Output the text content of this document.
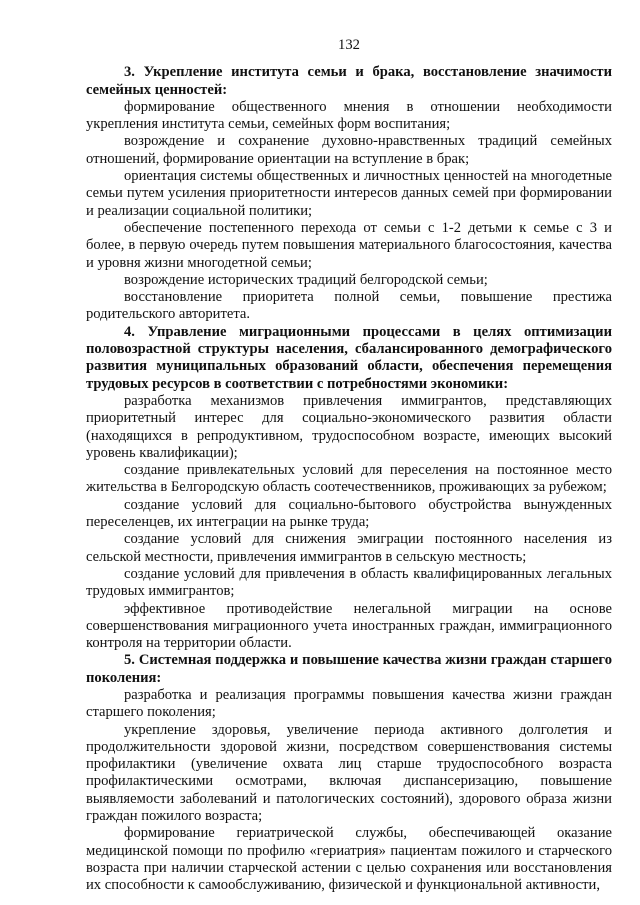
132

3. Укрепление института семьи и брака, восстановление значимости семейных ценностей:

формирование общественного мнения в отношении необходимости укрепления института семьи, семейных форм воспитания;

возрождение и сохранение духовно-нравственных традиций семейных отношений, формирование ориентации на вступление в брак;

ориентация системы общественных и личностных ценностей на многодетные семьи путем усиления приоритетности интересов данных семей при формировании и реализации социальной политики;

обеспечение постепенного перехода от семьи с 1-2 детьми к семье с 3 и более, в первую очередь путем повышения материального благосостояния, качества и уровня жизни многодетной семьи;

возрождение исторических традиций белгородской семьи;

восстановление приоритета полной семьи, повышение престижа родительского авторитета.

4. Управление миграционными процессами в целях оптимизации половозрастной структуры населения, сбалансированного демографического развития муниципальных образований области, обеспечения перемещения трудовых ресурсов в соответствии с потребностями экономики:

разработка механизмов привлечения иммигрантов, представляющих приоритетный интерес для социально-экономического развития области (находящихся в репродуктивном, трудоспособном возрасте, имеющих высокий уровень квалификации);

создание привлекательных условий для переселения на постоянное место жительства в Белгородскую область соотечественников, проживающих за рубежом;

создание условий для социально-бытового обустройства вынужденных переселенцев, их интеграции на рынке труда;

создание условий для снижения эмиграции постоянного населения из сельской местности, привлечения иммигрантов в сельскую местность;

создание условий для привлечения в область квалифицированных легальных трудовых иммигрантов;

эффективное противодействие нелегальной миграции на основе совершенствования миграционного учета иностранных граждан, иммиграционного контроля на территории области.

5. Системная поддержка и повышение качества жизни граждан старшего поколения:

разработка и реализация программы повышения качества жизни граждан старшего поколения;

укрепление здоровья, увеличение периода активного долголетия и продолжительности здоровой жизни, посредством совершенствования системы профилактики (увеличение охвата лиц старше трудоспособного возраста профилактическими осмотрами, включая диспансеризацию, повышение выявляемости заболеваний и патологических состояний), здорового образа жизни граждан пожилого возраста;

формирование гериатрической службы, обеспечивающей оказание медицинской помощи по профилю «гериатрия» пациентам пожилого и старческого возраста при наличии старческой астении с целью сохранения или восстановления их способности к самообслуживанию, физической и функциональной активности,
